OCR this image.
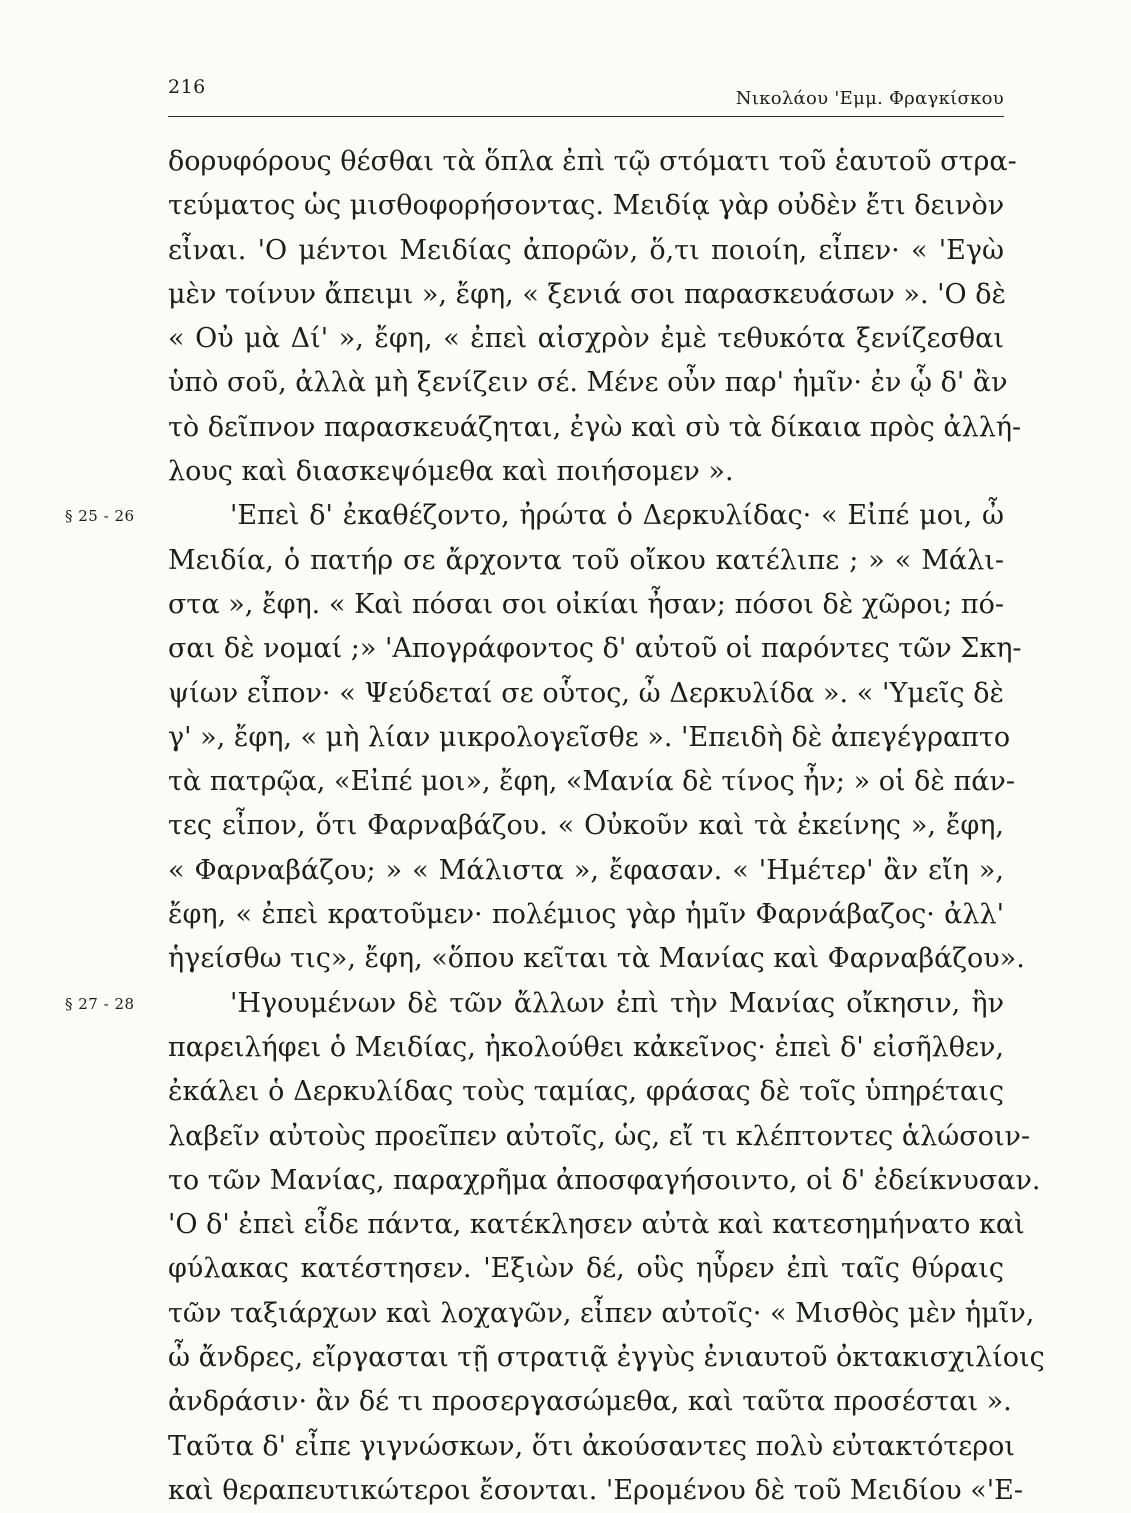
216
Νικολάου 'Εμμ. Φραγκίσκου
δορυφόρους θέσθαι τὰ ὅπλα ἐπὶ τῷ στόματι τοῦ ἑαυτοῦ στρα-
τεύματος ὡς μισθοφορήσοντας. Μειδίᾳ γὰρ οὐδὲν ἔτι δεινὸν
εἶναι. 'Ο μέντοι Μειδίας ἀπορῶν, ὅ,τι ποιοίη, εἶπεν· « 'Εγὼ
μὲν τοίνυν ἄπειμι », ἔφη, « ξενιά σοι παρασκευάσων ». 'Ο δὲ
« Οὐ μὰ Δί' », ἔφη, « ἐπεὶ αἰσχρὸν ἐμὲ τεθυκότα ξενίζεσθαι
ὑπὸ σοῦ, ἀλλὰ μὴ ξενίζειν σέ. Μένε οὖν παρ' ἡμῖν· ἐν ᾧ δ' ἂν
τὸ δεῖπνον παρασκευάζηται, ἐγὼ καὶ σὺ τὰ δίκαια πρὸς ἀλλή-
λους καὶ διασκεψόμεθα καὶ ποιήσομεν ».
§ 25 - 26	'Επεὶ δ' ἐκαθέζοντο, ἠρώτα ὁ Δερκυλίδας· « Εἰπέ μοι, ὦ
Μειδία, ὁ πατήρ σε ἄρχοντα τοῦ οἴκου κατέλιπε ; » « Μάλι-
στα », ἔφη. « Καὶ πόσαι σοι οἰκίαι ἦσαν; πόσοι δὲ χῶροι; πό-
σαι δὲ νομαί ;» 'Απογράφοντος δ' αὐτοῦ οἱ παρόντες τῶν Σκη-
ψίων εἶπον· « Ψεύδεταί σε οὗτος, ὦ Δερκυλίδα ». « 'Υμεῖς δὲ
γ' », ἔφη, « μὴ λίαν μικρολογεῖσθε ». 'Επειδὴ δὲ ἀπεγέγραπτο
τὰ πατρῷα, «Εἰπέ μοι», ἔφη, «Μανία δὲ τίνος ἦν; » οἱ δὲ πάν-
τες εἶπον, ὅτι Φαρναβάζου. « Οὐκοῦν καὶ τὰ ἐκείνης », ἔφη,
« Φαρναβάζου; » « Μάλιστα », ἔφασαν. « 'Ημέτερ' ἂν εἴη »,
ἔφη, « ἐπεὶ κρατοῦμεν· πολέμιος γὰρ ἡμῖν Φαρνάβαζος· ἀλλ'
ἡγείσθω τις», ἔφη, «ὅπου κεῖται τὰ Μανίας καὶ Φαρναβάζου».
§ 27 - 28	'Ηγουμένων δὲ τῶν ἄλλων ἐπὶ τὴν Μανίας οἴκησιν, ἣν
παρειλήφει ὁ Μειδίας, ἠκολούθει κἀκεῖνος· ἐπεὶ δ' εἰσῆλθεν,
ἐκάλει ὁ Δερκυλίδας τοὺς ταμίας, φράσας δὲ τοῖς ὑπηρέταις
λαβεῖν αὐτοὺς προεῖπεν αὐτοῖς, ὡς, εἴ τι κλέπτοντες ἁλώσοιν-
το τῶν Μανίας, παραχρῆμα ἀποσφαγήσοιντο, οἱ δ' ἐδείκνυσαν.
'Ο δ' ἐπεὶ εἶδε πάντα, κατέκλησεν αὐτὰ καὶ κατεσημήνατο καὶ
φύλακας κατέστησεν. 'Εξιὼν δέ, οὓς ηὗρεν ἐπὶ ταῖς θύραις
τῶν ταξιάρχων καὶ λοχαγῶν, εἶπεν αὐτοῖς· « Μισθὸς μὲν ἡμῖν,
ὦ ἄνδρες, εἴργασται τῇ στρατιᾷ ἐγγὺς ἐνιαυτοῦ ὀκτακισχιλίοις
ἀνδράσιν· ἂν δέ τι προσεργασώμεθα, καὶ ταῦτα προσέσται ».
Ταῦτα δ' εἶπε γιγνώσκων, ὅτι ἀκούσαντες πολὺ εὐτακτότεροι
καὶ θεραπευτικώτεροι ἔσονται. 'Ερομένου δὲ τοῦ Μειδίου «'Ε-
